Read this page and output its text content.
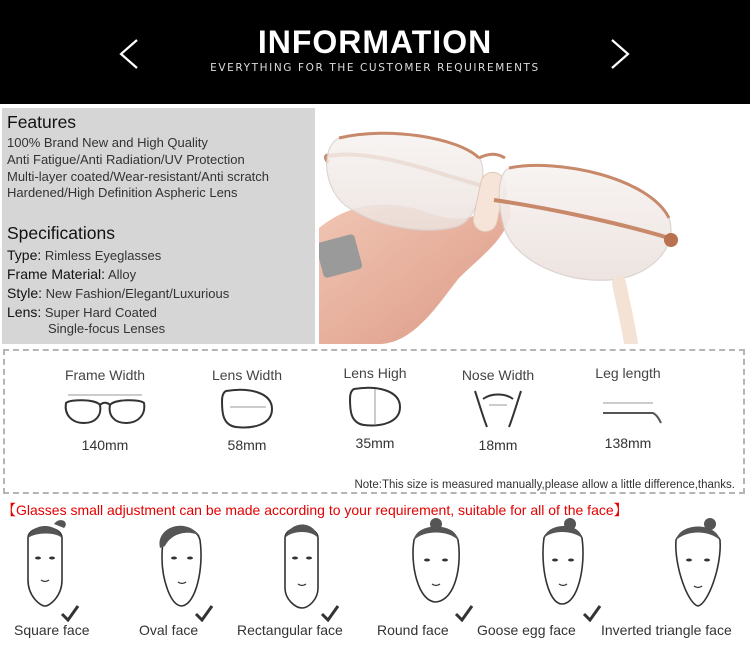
INFORMATION
EVERYTHING FOR THE CUSTOMER REQUIREMENTS
Features
100% Brand New and High Quality
Anti Fatigue/Anti Radiation/UV Protection
Multi-layer coated/Wear-resistant/Anti scratch
Hardened/High Definition Aspheric Lens
Specifications
Type: Rimless Eyeglasses
Frame Material: Alloy
Style: New Fashion/Elegant/Luxurious
Lens: Super Hard Coated
Single-focus Lenses
Frame Width
140mm
Lens Width
58mm
Lens High
35mm
Nose Width
18mm
Leg length
138mm
Note:This size is measured manually,please allow a little difference,thanks.
【Glasses small adjustment can be made according to your requirement, suitable for all of the face】
Square face	Oval face	Rectangular face Round face Goose egg face Inverted triangle face
